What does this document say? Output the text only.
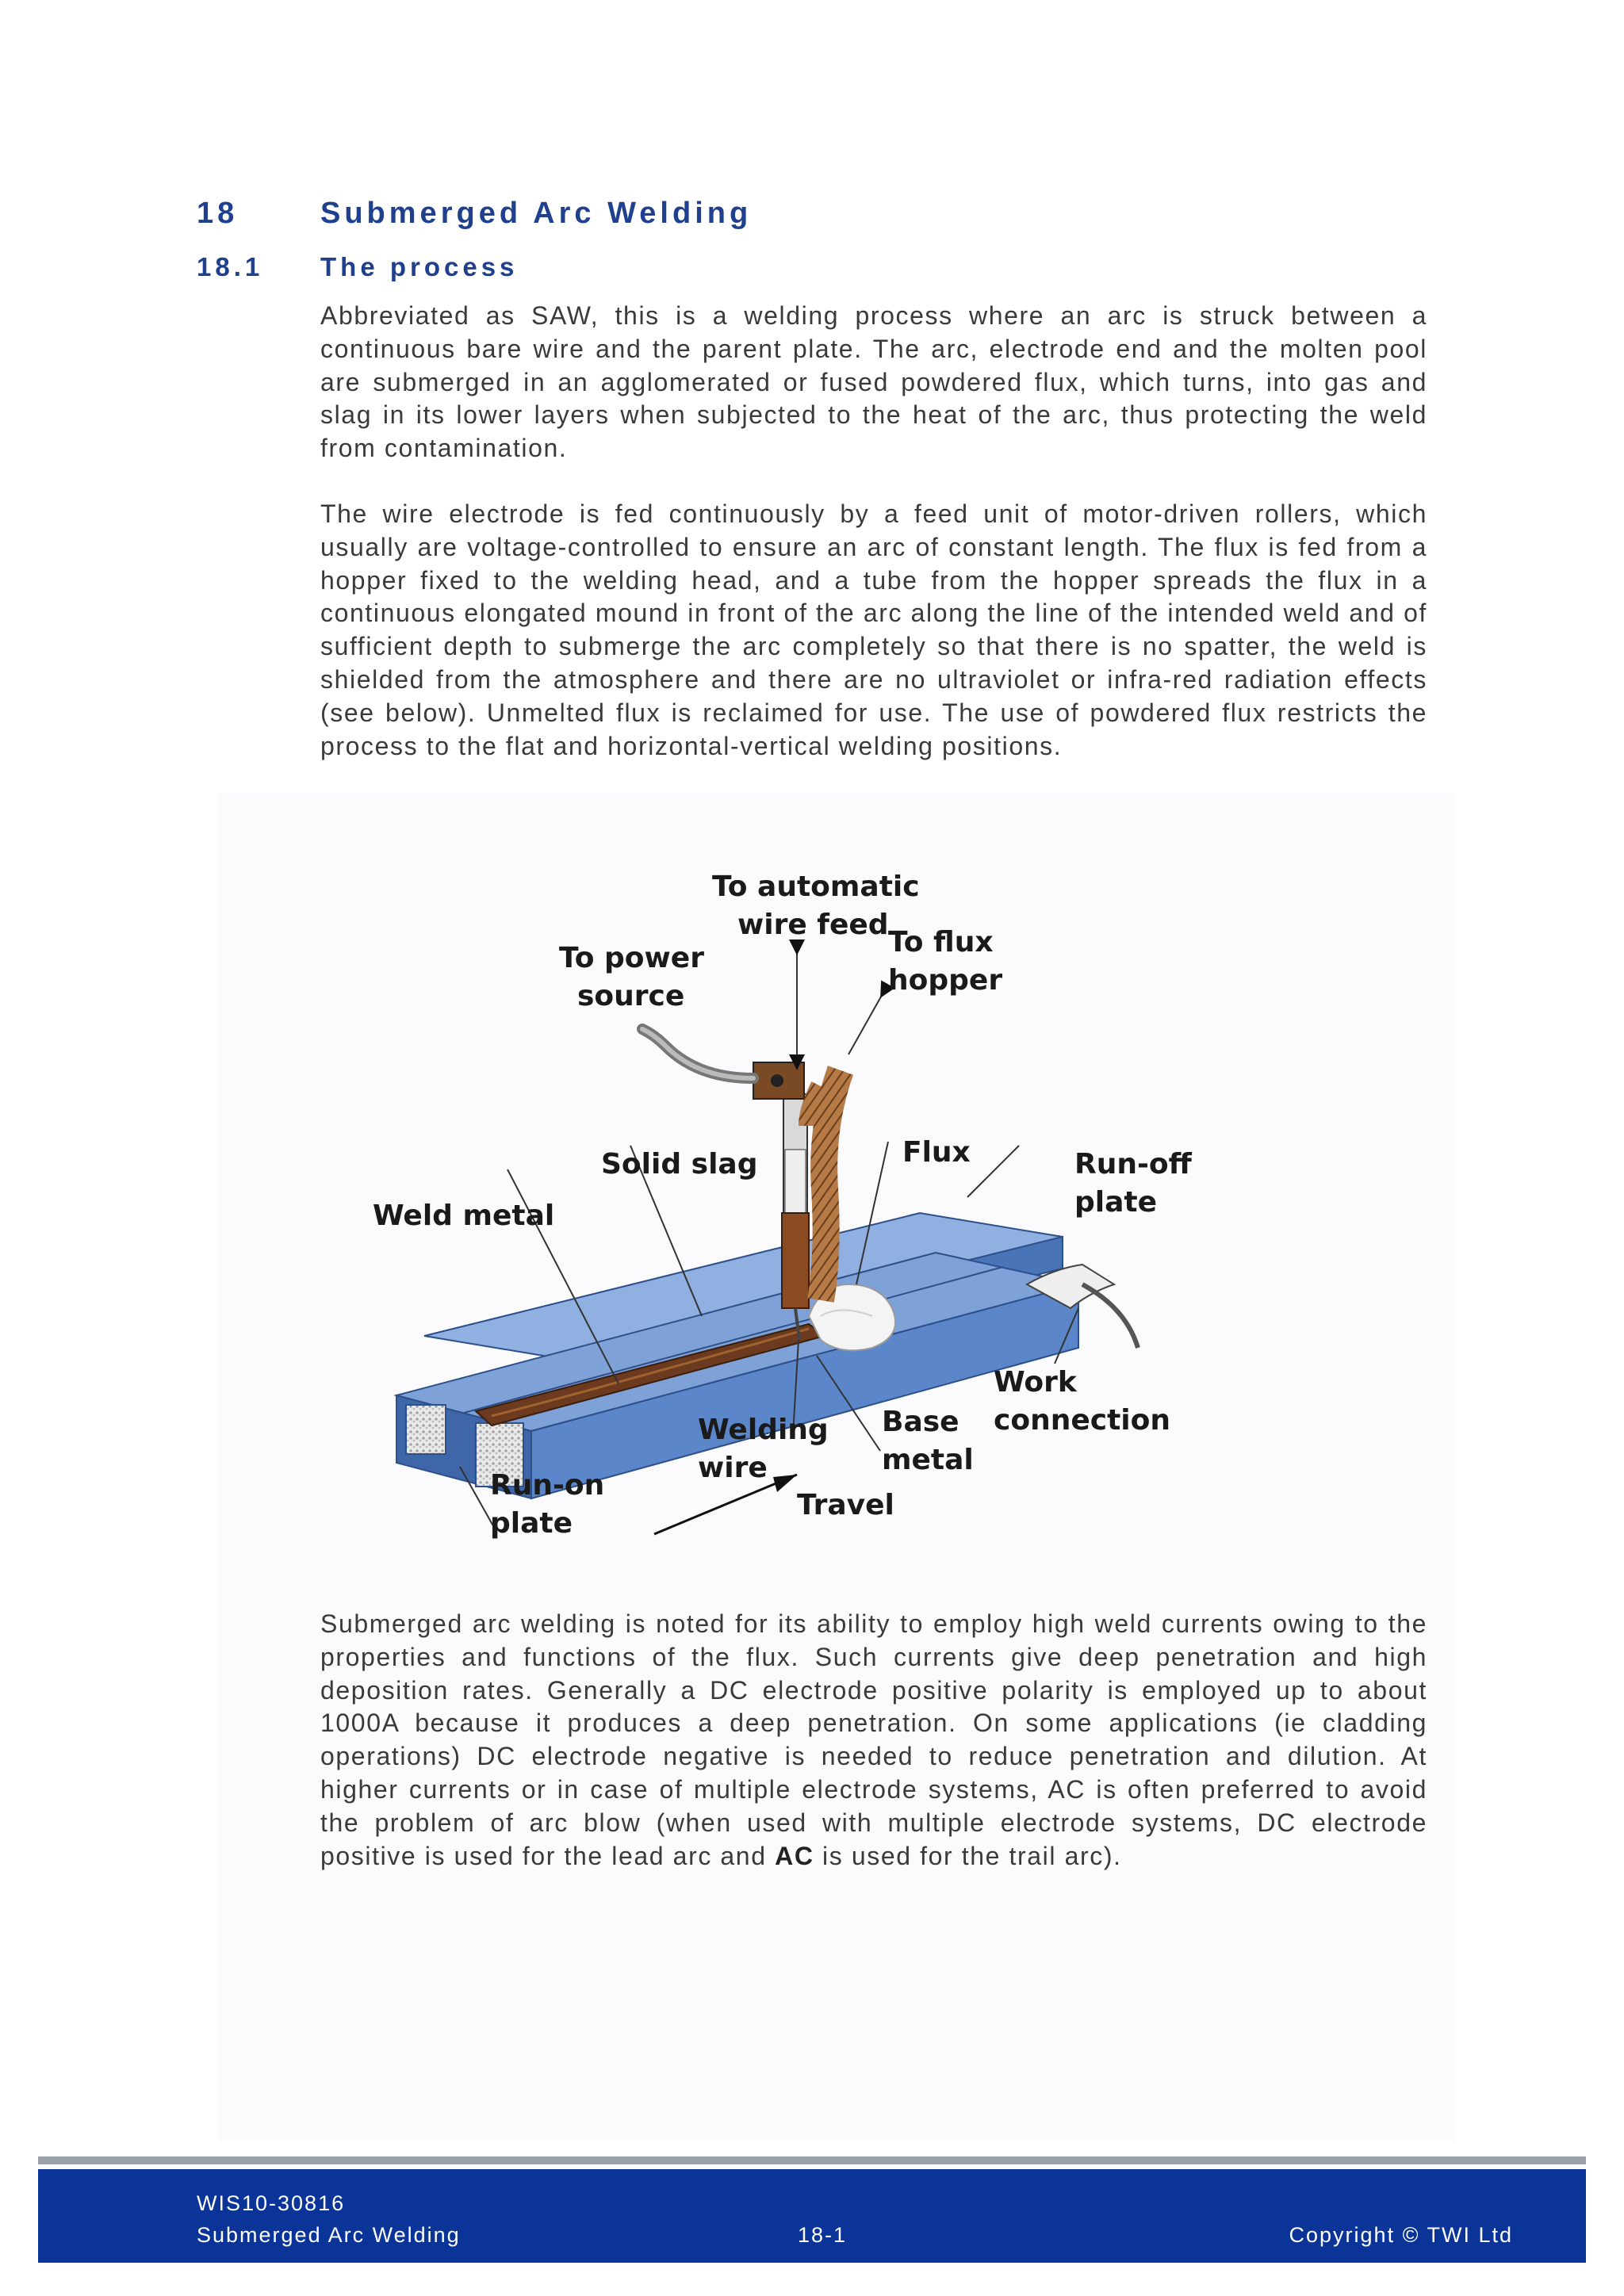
18	Submerged Arc Welding
18.1 The process

Abbreviated as SAW, this is a welding process where an arc is struck between a continuous bare wire and the parent plate. The arc, electrode end and the molten pool are submerged in an agglomerated or fused powdered flux, which turns, into gas and slag in its lower layers when subjected to the heat of the arc, thus protecting the weld from contamination.

The wire electrode is fed continuously by a feed unit of motor-driven rollers, which usually are voltage-controlled to ensure an arc of constant length. The flux is fed from a hopper fixed to the welding head, and a tube from the hopper spreads the flux in a continuous elongated mound in front of the arc along the line of the intended weld and of sufficient depth to submerge the arc completely so that there is no spatter, the weld is shielded from the atmosphere and there are no ultraviolet or infra-red radiation effects (see below). Unmelted flux is reclaimed for use. The use of powdered flux restricts the process to the flat and horizontal-vertical welding positions.

To automatic
wire feed
To power
source
To flux
hopper
Solid slag	Flux	Run-off
plate
Weld metal
Work
connection
Welding
wire
Base
metal
Run-on
plate
Travel

Submerged arc welding is noted for its ability to employ high weld currents owing to the properties and functions of the flux. Such currents give deep penetration and high deposition rates. Generally a DC electrode positive polarity is employed up to about 1000A because it produces a deep penetration. On some applications (ie cladding operations) DC electrode negative is needed to reduce penetration and dilution. At higher currents or in case of multiple electrode systems, AC is often preferred to avoid the problem of arc blow (when used with multiple electrode systems, DC electrode positive is used for the lead arc and AC is used for the trail arc).

WIS10-30816
Submerged Arc Welding	18-1	Copyright © TWI Ltd
